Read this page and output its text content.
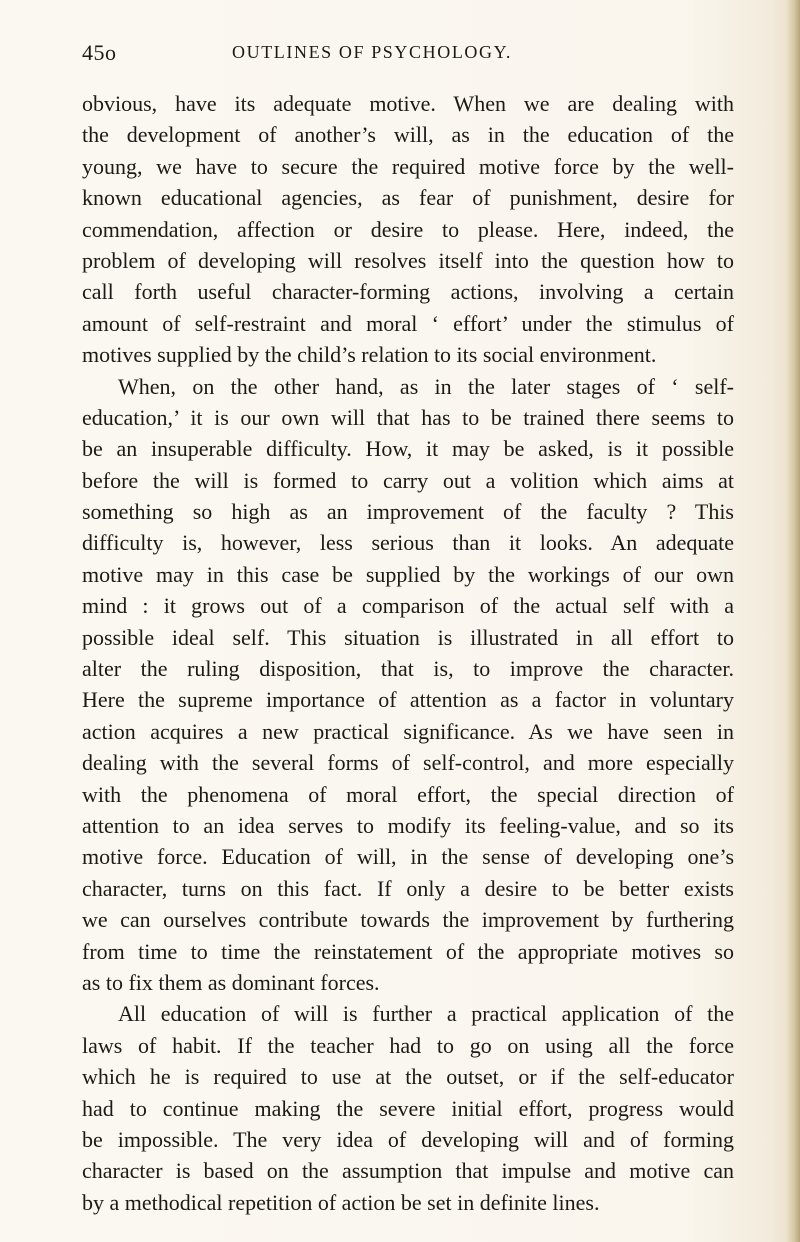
45o	OUTLINES OF PSYCHOLOGY.
obvious, have its adequate motive. When we are dealing with
the development of another’s will, as in the education of the
young, we have to secure the required motive force by the well-
known educational agencies, as fear of punishment, desire for
commendation, affection or desire to please. Here, indeed, the
problem of developing will resolves itself into the question how to
call forth useful character-forming actions, involving a certain
amount of self-restraint and moral ‘ effort’ under the stimulus of
motives supplied by the child’s relation to its social environment.
When, on the other hand, as in the later stages of ‘ self-
education,’ it is our own will that has to be trained there seems to
be an insuperable difficulty. How, it may be asked, is it possible
before the will is formed to carry out a volition which aims at
something so high as an improvement of the faculty ? This
difficulty is, however, less serious than it looks. An adequate
motive may in this case be supplied by the workings of our own
mind : it grows out of a comparison of the actual self with a
possible ideal self. This situation is illustrated in all effort to
alter the ruling disposition, that is, to improve the character.
Here the supreme importance of attention as a factor in voluntary
action acquires a new practical significance. As we have seen in
dealing with the several forms of self-control, and more especially
with the phenomena of moral effort, the special direction of
attention to an idea serves to modify its feeling-value, and so its
motive force. Education of will, in the sense of developing one’s
character, turns on this fact. If only a desire to be better exists
we can ourselves contribute towards the improvement by furthering
from time to time the reinstatement of the appropriate motives so
as to fix them as dominant forces.
All education of will is further a practical application of the
laws of habit. If the teacher had to go on using all the force
which he is required to use at the outset, or if the self-educator
had to continue making the severe initial effort, progress would
be impossible. The very idea of developing will and of forming
character is based on the assumption that impulse and motive can
by a methodical repetition of action be set in definite lines.
